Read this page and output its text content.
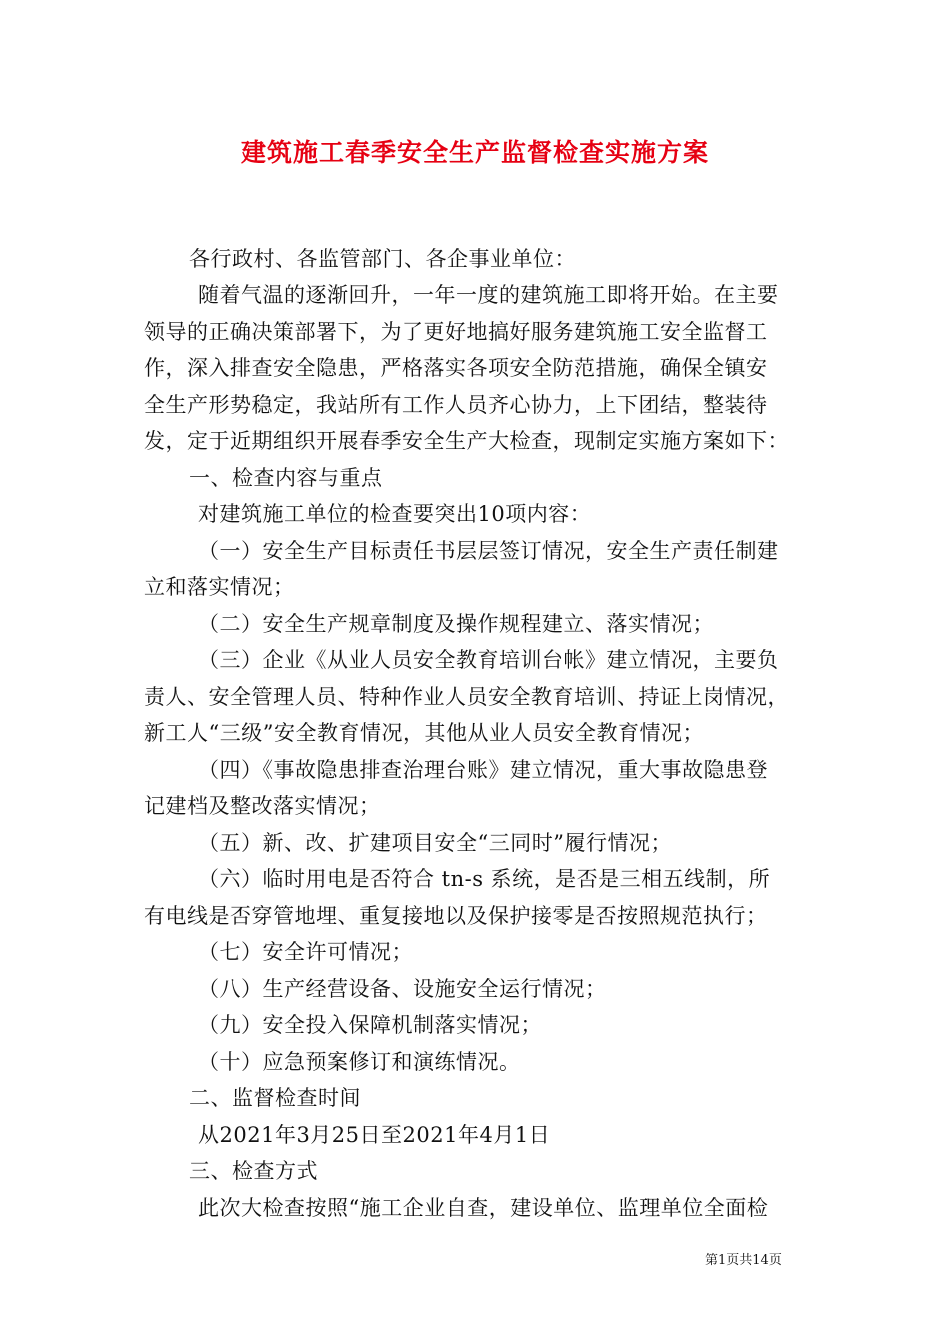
建筑施工春季安全生产监督检查实施方案
各行政村、各监管部门、各企事业单位：
随着气温的逐渐回升，一年一度的建筑施工即将开始。在主要
领导的正确决策部署下，为了更好地搞好服务建筑施工安全监督工
作，深入排查安全隐患，严格落实各项安全防范措施，确保全镇安
全生产形势稳定，我站所有工作人员齐心协力，上下团结，整装待
发，定于近期组织开展春季安全生产大检查，现制定实施方案如下：
一、检查内容与重点
对建筑施工单位的检查要突出10项内容：
（一）安全生产目标责任书层层签订情况，安全生产责任制建
立和落实情况；
（二）安全生产规章制度及操作规程建立、落实情况；
（三）企业《从业人员安全教育培训台帐》建立情况，主要负
责人、安全管理人员、特种作业人员安全教育培训、持证上岗情况，
新工人“三级”安全教育情况，其他从业人员安全教育情况；
（四）《事故隐患排查治理台账》建立情况，重大事故隐患登
记建档及整改落实情况；
（五）新、改、扩建项目安全“三同时”履行情况；
（六）临时用电是否符合 tn-s 系统，是否是三相五线制，所
有电线是否穿管地埋、重复接地以及保护接零是否按照规范执行；
（七）安全许可情况；
（八）生产经营设备、设施安全运行情况；
（九）安全投入保障机制落实情况；
（十）应急预案修订和演练情况。
二、监督检查时间
从2021年3月25日至2021年4月1日
三、检查方式
此次大检查按照“施工企业自查，建设单位、监理单位全面检
第1页共14页
